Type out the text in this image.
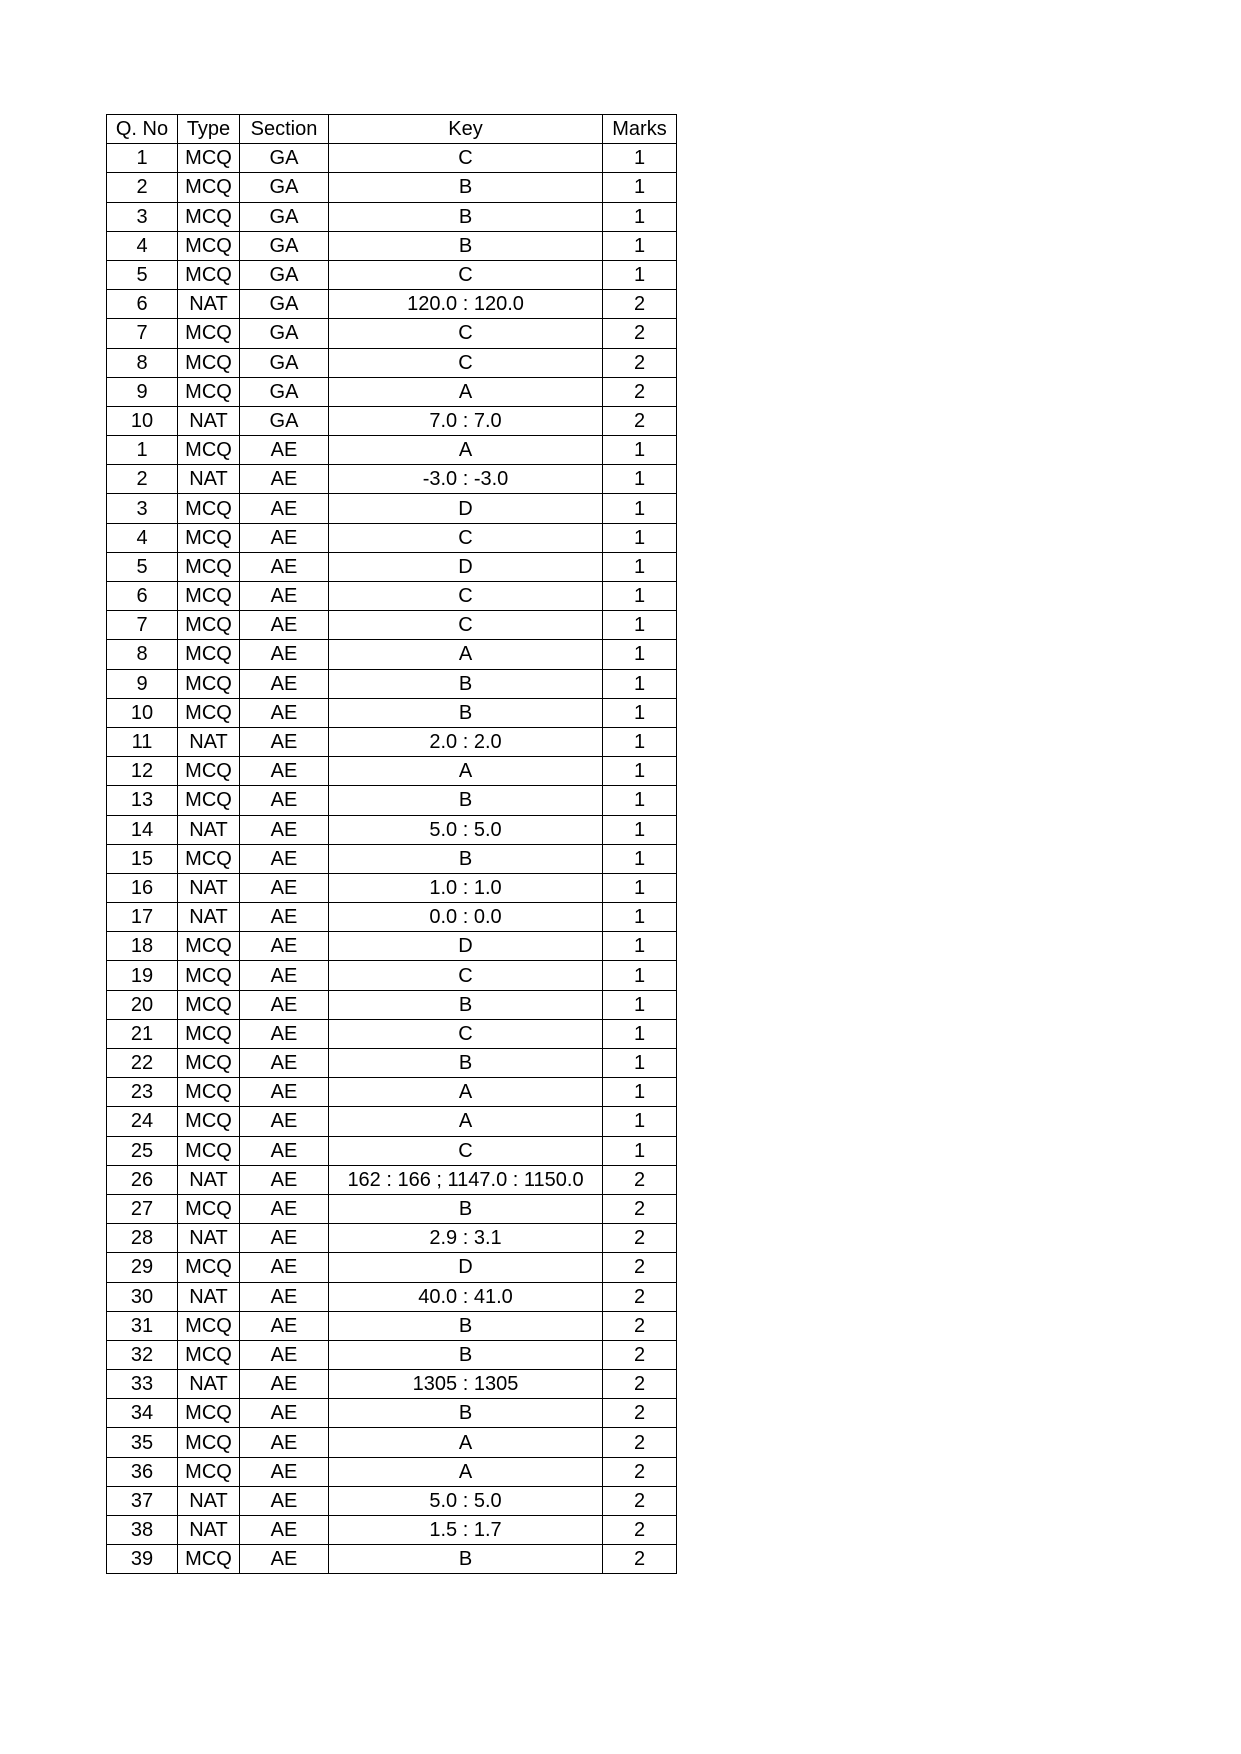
Q. No	Type	Section	Key	Marks
1	MCQ	GA	C	1
2	MCQ	GA	B	1
3	MCQ	GA	B	1
4	MCQ	GA	B	1
5	MCQ	GA	C	1
6	NAT	GA	120.0 : 120.0	2
7	MCQ	GA	C	2
8	MCQ	GA	C	2
9	MCQ	GA	A	2
10	NAT	GA	7.0 : 7.0	2
1	MCQ	AE	A	1
2	NAT	AE	-3.0 : -3.0	1
3	MCQ	AE	D	1
4	MCQ	AE	C	1
5	MCQ	AE	D	1
6	MCQ	AE	C	1
7	MCQ	AE	C	1
8	MCQ	AE	A	1
9	MCQ	AE	B	1
10	MCQ	AE	B	1
11	NAT	AE	2.0 : 2.0	1
12	MCQ	AE	A	1
13	MCQ	AE	B	1
14	NAT	AE	5.0 : 5.0	1
15	MCQ	AE	B	1
16	NAT	AE	1.0 : 1.0	1
17	NAT	AE	0.0 : 0.0	1
18	MCQ	AE	D	1
19	MCQ	AE	C	1
20	MCQ	AE	B	1
21	MCQ	AE	C	1
22	MCQ	AE	B	1
23	MCQ	AE	A	1
24	MCQ	AE	A	1
25	MCQ	AE	C	1
26	NAT	AE	162 : 166 ; 1147.0 : 1150.0	2
27	MCQ	AE	B	2
28	NAT	AE	2.9 : 3.1	2
29	MCQ	AE	D	2
30	NAT	AE	40.0 : 41.0	2
31	MCQ	AE	B	2
32	MCQ	AE	B	2
33	NAT	AE	1305 : 1305	2
34	MCQ	AE	B	2
35	MCQ	AE	A	2
36	MCQ	AE	A	2
37	NAT	AE	5.0 : 5.0	2
38	NAT	AE	1.5 : 1.7	2
39	MCQ	AE	B	2
